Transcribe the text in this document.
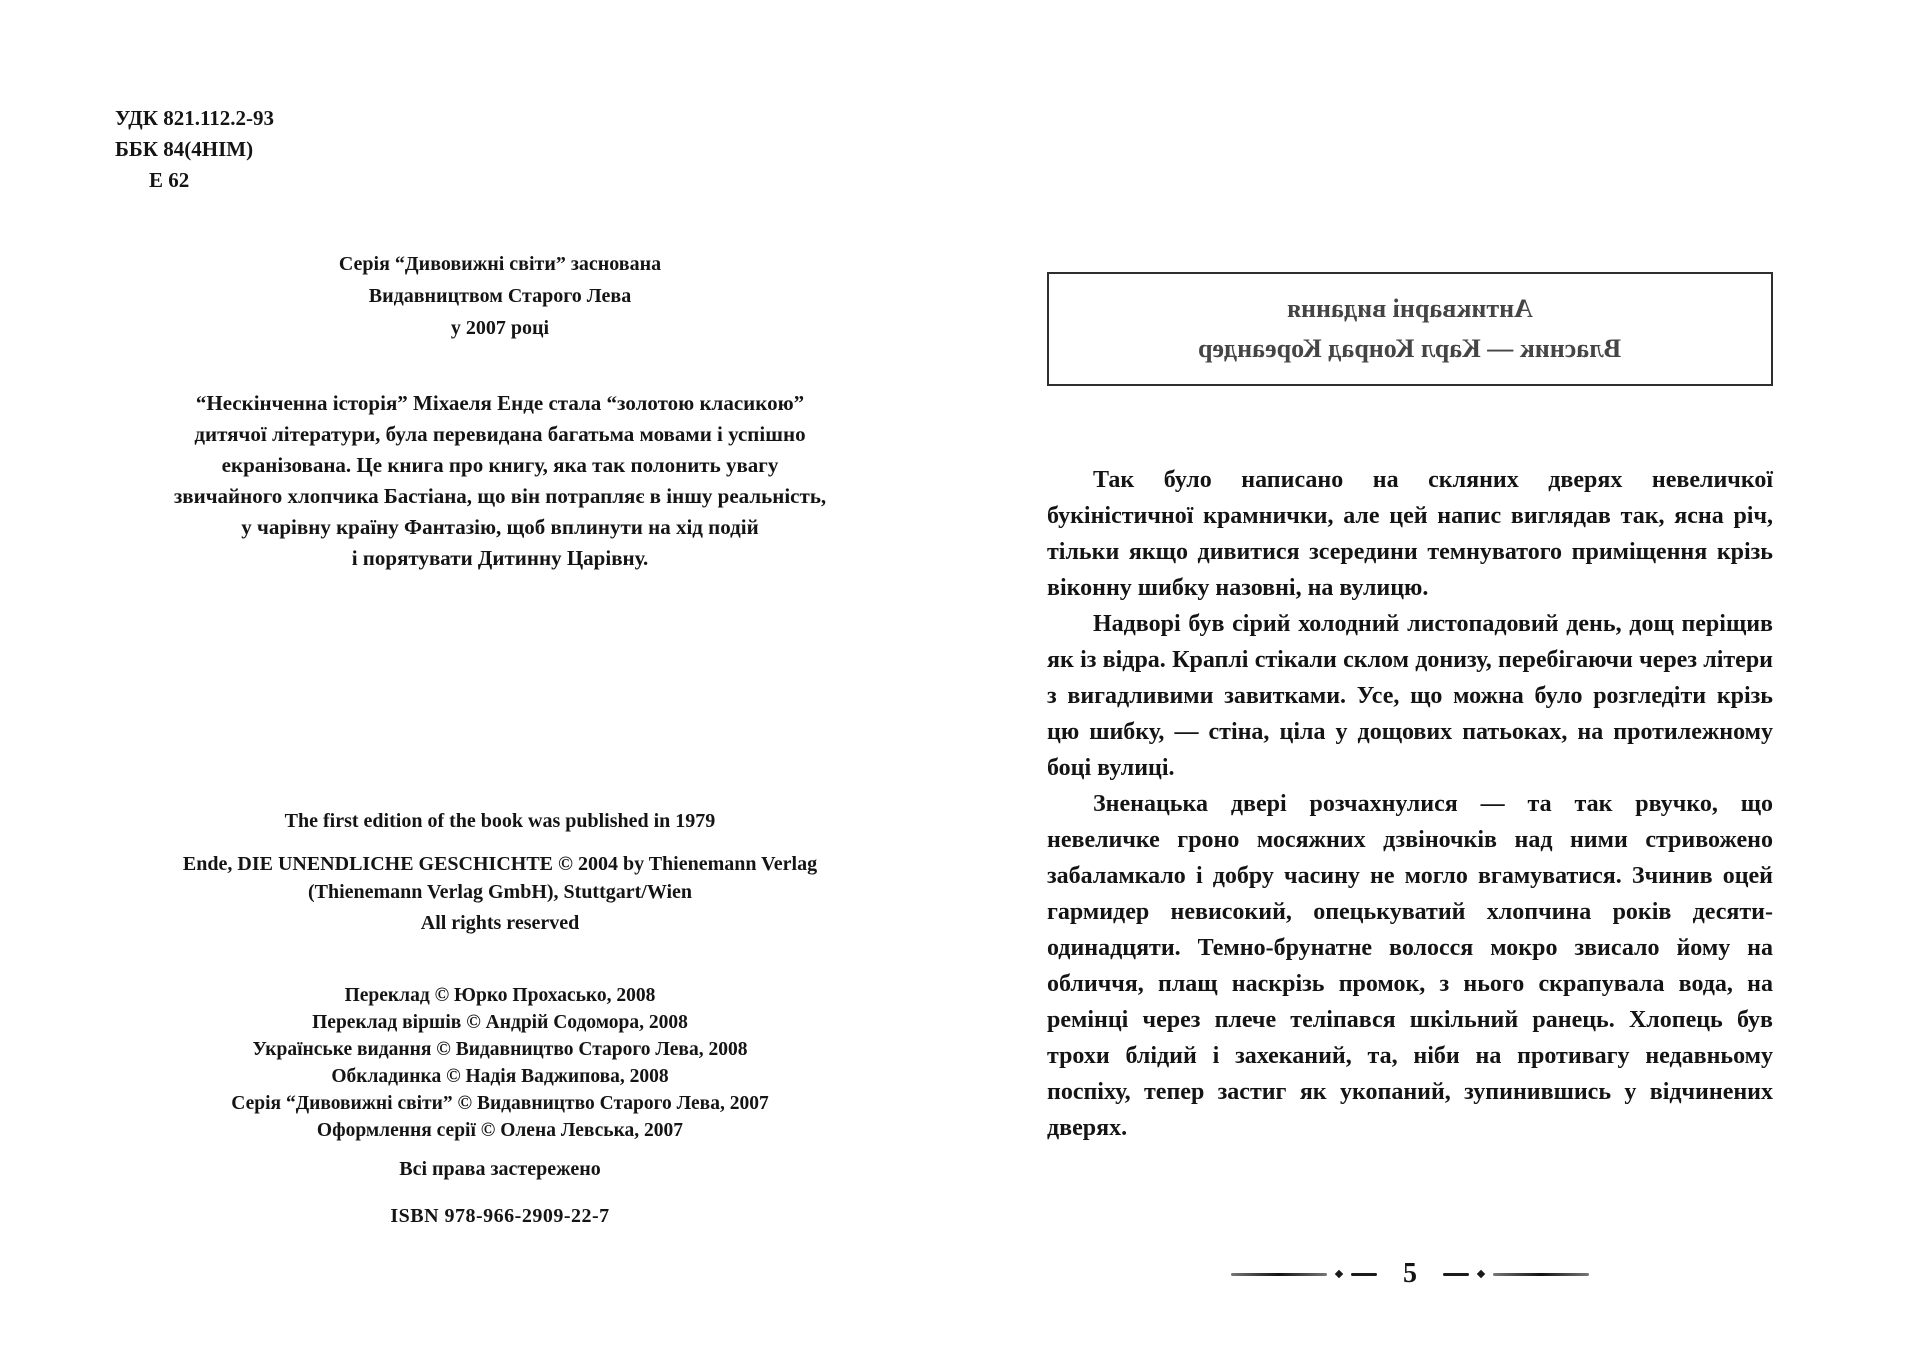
УДК 821.112.2-93
ББК 84(4НІМ)
Е 62
Серія “Дивовижні світи” заснована
Видавництвом Старого Лева
у 2007 році
“Нескінченна історія” Міхаеля Енде стала “золотою класикою”
дитячої літератури, була перевидана багатьма мовами і успішно
екранізована. Це книга про книгу, яка так полонить увагу
звичайного хлопчика Бастіана, що він потрапляє в іншу реальність,
у чарівну країну Фантазію, щоб вплинути на хід подій
і порятувати Дитинну Царівну.
The first edition of the book was published in 1979
Ende, DIE UNENDLICHE GESCHICHTE © 2004 by Thienemann Verlag
(Thienemann Verlag GmbH), Stuttgart/Wien
All rights reserved
Переклад © Юрко Прохасько, 2008
Переклад віршів © Андрій Содомора, 2008
Українське видання © Видавництво Старого Лева, 2008
Обкладинка © Надія Ваджипова, 2008
Серія “Дивовижні світи” © Видавництво Старого Лева, 2007
Оформлення серії © Олена Левська, 2007
Всі права застережено
ISBN 978-966-2909-22-7
Антикварні видання
Власник — Карл Конрад Кореандер

Так було написано на скляних дверях невеличкої букіністичної крамнички, але цей напис виглядав так, ясна річ, тільки якщо дивитися зсередини темнуватого приміщення крізь віконну шибку назовні, на вулицю.

Надворі був сірий холодний листопадовий день, дощ періщив як із відра. Краплі стікали склом донизу, перебігаючи через літери з вигадливими завитками. Усе, що можна було розгледіти крізь цю шибку, — стіна, ціла у дощових патьоках, на протилежному боці вулиці.

Зненацька двері розчахнулися — та так рвучко, що невеличке гроно мосяжних дзвіночків над ними стривожено забаламкало і добру часину не могло вгамуватися. Зчинив оцей гармидер невисокий, опецькуватий хлопчина років десяти-одинадцяти. Темно-брунатне волосся мокро звисало йому на обличчя, плащ наскрізь промок, з нього скрапувала вода, на ремінці через плече теліпався шкільний ранець. Хлопець був трохи блідий і захеканий, та, ніби на противагу недавньому поспіху, тепер застиг як укопаний, зупинившись у відчинених дверях.

5
